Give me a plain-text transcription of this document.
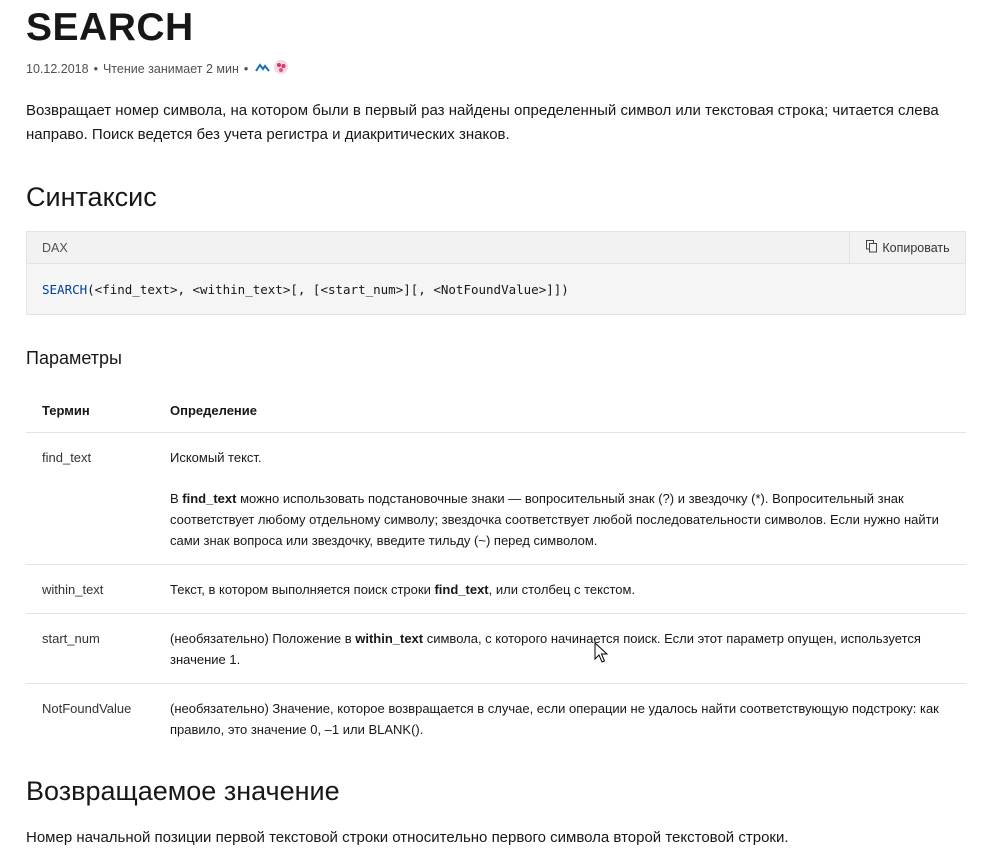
SEARCH
10.12.2018 • Чтение занимает 2 мин •

Возвращает номер символа, на котором были в первый раз найдены определенный символ или текстовая строка; читается слева направо. Поиск ведется без учета регистра и диакритических знаков.

Синтаксис
DAX	Копировать
SEARCH(<find_text>, <within_text>[, [<start_num>][, <NotFoundValue>]])
Параметры
Термин	Определение
find_text	Искомый текст.

В find_text можно использовать подстановочные знаки — вопросительный знак (?) и звездочку (*). Вопросительный знак соответствует любому отдельному символу; звездочка соответствует любой последовательности символов. Если нужно найти сами знак вопроса или звездочку, введите тильду (~) перед символом.

within_text	Текст, в котором выполняется поиск строки find_text, или столбец с текстом.
start_num	(необязательно) Положение в within_text символа, с которого начинается поиск. Если этот параметр опущен, используется значение 1.
NotFoundValue	(необязательно) Значение, которое возвращается в случае, если операции не удалось найти соответствующую подстроку: как правило, это значение 0, –1 или BLANK().
Возвращаемое значение

Номер начальной позиции первой текстовой строки относительно первого символа второй текстовой строки.
